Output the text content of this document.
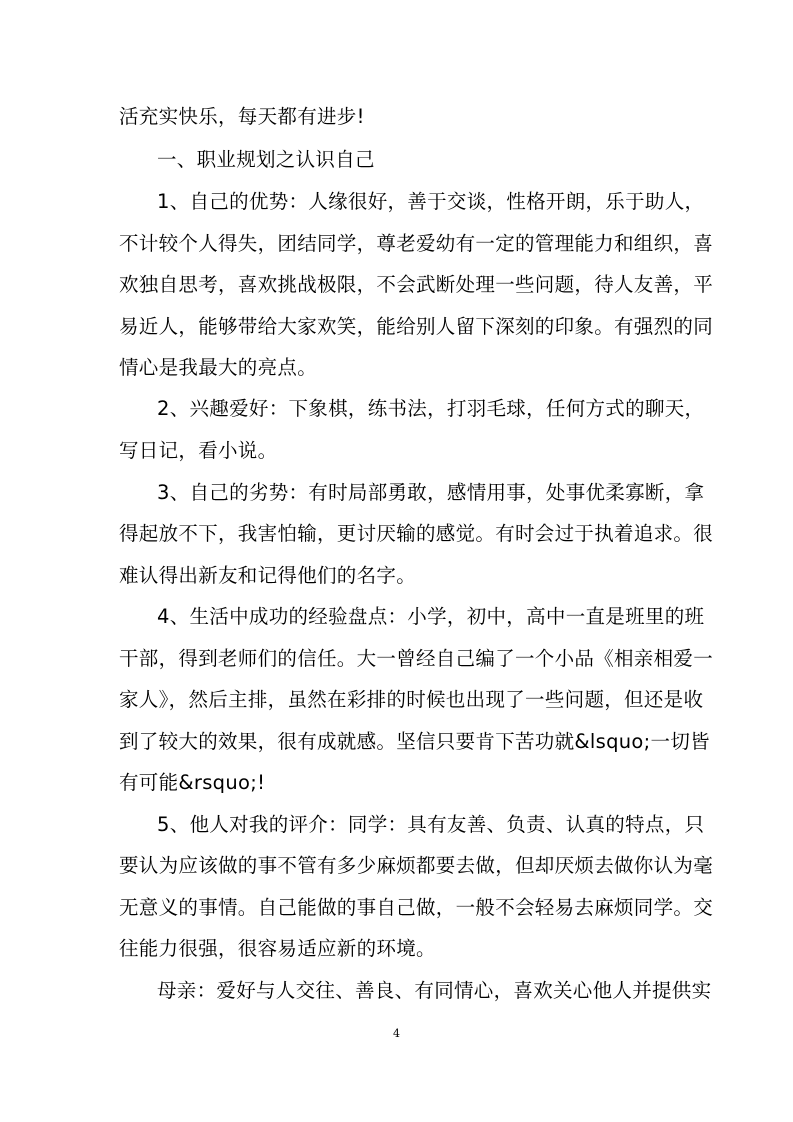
活充实快乐，每天都有进步!
一、职业规划之认识自己
1、自己的优势：人缘很好，善于交谈，性格开朗，乐于助人，
不计较个人得失，团结同学，尊老爱幼有一定的管理能力和组织，喜
欢独自思考，喜欢挑战极限，不会武断处理一些问题，待人友善，平
易近人，能够带给大家欢笑，能给别人留下深刻的印象。有强烈的同
情心是我最大的亮点。
2、兴趣爱好：下象棋，练书法，打羽毛球，任何方式的聊天，
写日记，看小说。
3、自己的劣势：有时局部勇敢，感情用事，处事优柔寡断，拿
得起放不下，我害怕输，更讨厌输的感觉。有时会过于执着追求。很
难认得出新友和记得他们的名字。
4、生活中成功的经验盘点：小学，初中，高中一直是班里的班
干部，得到老师们的信任。大一曾经自己编了一个小品《相亲相爱一
家人》，然后主排，虽然在彩排的时候也出现了一些问题，但还是收
到了较大的效果，很有成就感。坚信只要肯下苦功就&lsquo;一切皆
有可能&rsquo;!
5、他人对我的评介：同学：具有友善、负责、认真的特点，只
要认为应该做的事不管有多少麻烦都要去做，但却厌烦去做你认为毫
无意义的事情。自己能做的事自己做，一般不会轻易去麻烦同学。交
往能力很强，很容易适应新的环境。
母亲：爱好与人交往、善良、有同情心，喜欢关心他人并提供实
4
